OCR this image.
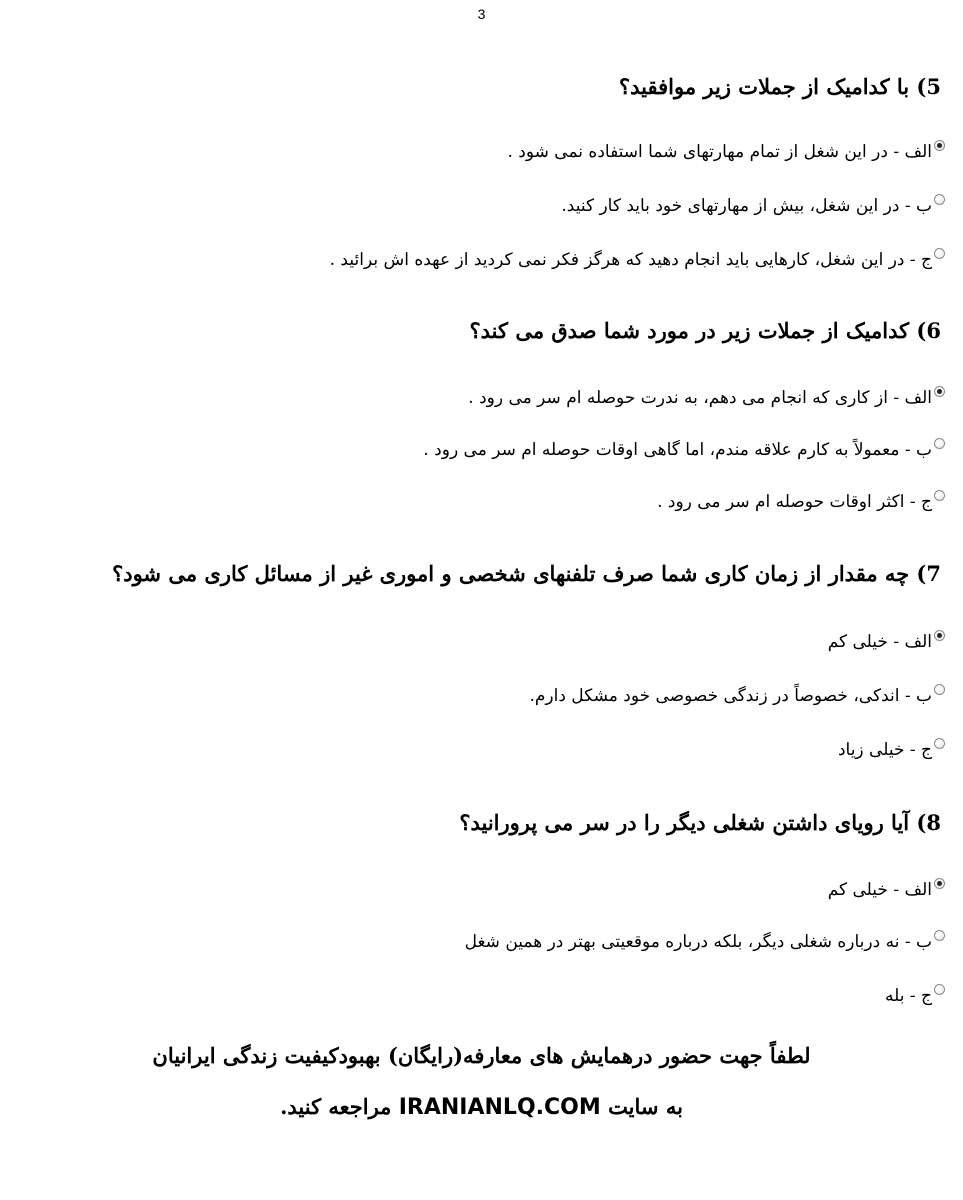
3
5) با کدامیک از جملات زیر موافقید؟
الف - در این شغل از تمام مهارتهای شما استفاده نمی شود .
ب - در این شغل، بیش از مهارتهای خود باید کار کنید.
ج - در این شغل، کارهایی باید انجام دهید که هرگز فکر نمی کردید از عهده اش برائید .
6) کدامیک از جملات زیر در مورد شما صدق می کند؟
الف - از کاری که انجام می دهم، به ندرت حوصله ام سر می رود .
ب - معمولاً به کارم علاقه مندم، اما گاهی اوقات حوصله ام سر می رود .
ج - اکثر اوقات حوصله ام سر می رود .
7) چه مقدار از زمان کاری شما صرف تلفنهای شخصی و اموری غیر از مسائل کاری می شود؟
الف - خیلی کم
ب - اندکی، خصوصاً در زندگی خصوصی خود مشکل دارم.
ج - خیلی زیاد
8) آیا رویای داشتن شغلی دیگر را در سر می پرورانید؟
الف - خیلی کم
ب - نه درباره شغلی دیگر، بلکه درباره موقعیتی بهتر در همین شغل
ج - بله
لطفاً جهت حضور درهمایش های معارفه(رایگان) بهبودکیفیت زندگی ایرانیان
به سایت IRANIANLQ.COM مراجعه کنید.
